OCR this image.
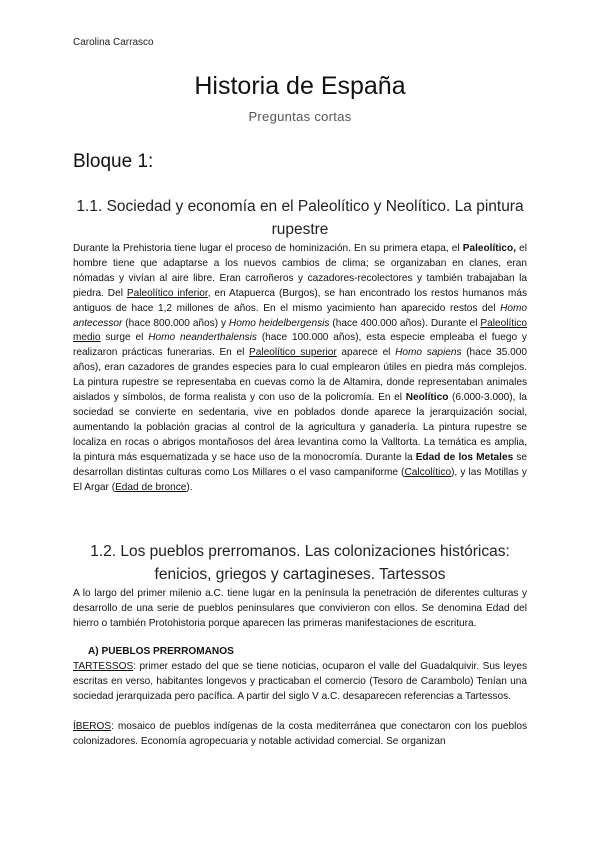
Carolina Carrasco
Historia de España
Preguntas cortas
Bloque 1:
1.1. Sociedad y economía en el Paleolítico y Neolítico. La pintura rupestre

Durante la Prehistoria tiene lugar el proceso de hominización. En su primera etapa, el Paleolítico, el hombre tiene que adaptarse a los nuevos cambios de clima; se organizaban en clanes, eran nómadas y vivían al aire libre. Eran carroñeros y cazadores-recolectores y también trabajaban la piedra. Del Paleolítico inferior, en Atapuerca (Burgos), se han encontrado los restos humanos más antiguos de hace 1,2 millones de años. En el mismo yacimiento han aparecido restos del Homo antecessor (hace 800.000 años) y Homo heidelbergensis (hace 400.000 años). Durante el Paleolítico medio surge el Homo neanderthalensis (hace 100.000 años), esta especie empleaba el fuego y realizaron prácticas funerarias. En el Paleolítico superior aparece el Homo sapiens (hace 35.000 años), eran cazadores de grandes especies para lo cual emplearon útiles en piedra más complejos. La pintura rupestre se representaba en cuevas como la de Altamira, donde representaban animales aislados y símbolos, de forma realista y con uso de la policromía. En el Neolítico (6.000-3.000), la sociedad se convierte en sedentaria, vive en poblados donde aparece la jerarquización social, aumentando la población gracias al control de la agricultura y ganadería. La pintura rupestre se localiza en rocas o abrigos montañosos del área levantina como la Valltorta. La temática es amplia, la pintura más esquematizada y se hace uso de la monocromía. Durante la Edad de los Metales se desarrollan distintas culturas como Los Millares o el vaso campaniforme (Calcolítico), y las Motillas y El Argar (Edad de bronce).

1.2. Los pueblos prerromanos. Las colonizaciones históricas: fenicios, griegos y cartagineses. Tartessos

A lo largo del primer milenio a.C. tiene lugar en la península la penetración de diferentes culturas y desarrollo de una serie de pueblos peninsulares que convivieron con ellos. Se denomina Edad del hierro o también Protohistoria porque aparecen las primeras manifestaciones de escritura.

A) PUEBLOS PRERROMANOS

TARTESSOS: primer estado del que se tiene noticias, ocuparon el valle del Guadalquivir. Sus leyes escritas en verso, habitantes longevos y practicaban el comercio (Tesoro de Carambolo) Tenían una sociedad jerarquizada pero pacífica. A partir del siglo V a.C. desaparecen referencias a Tartessos.

ÍBEROS: mosaico de pueblos indígenas de la costa mediterránea que conectaron con los pueblos colonizadores. Economía agropecuaria y notable actividad comercial. Se organizan
